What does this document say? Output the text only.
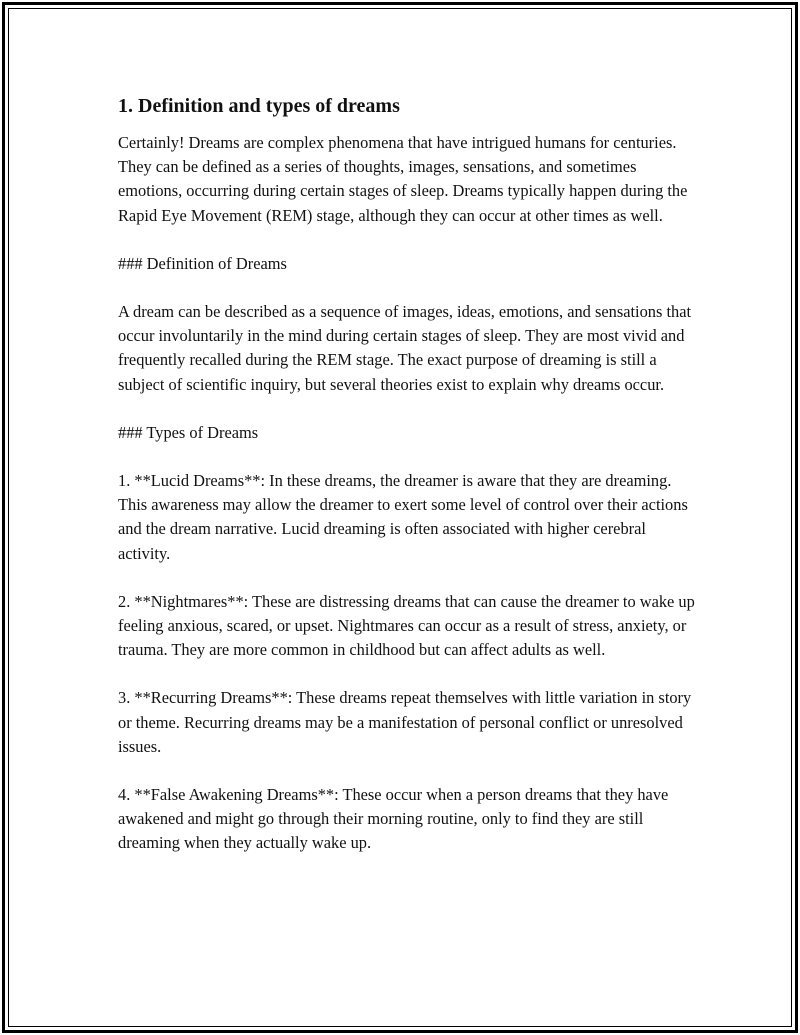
1. Definition and types of dreams

Certainly! Dreams are complex phenomena that have intrigued humans for centuries. They can be defined as a series of thoughts, images, sensations, and sometimes emotions, occurring during certain stages of sleep. Dreams typically happen during the Rapid Eye Movement (REM) stage, although they can occur at other times as well.

### Definition of Dreams

A dream can be described as a sequence of images, ideas, emotions, and sensations that occur involuntarily in the mind during certain stages of sleep. They are most vivid and frequently recalled during the REM stage. The exact purpose of dreaming is still a subject of scientific inquiry, but several theories exist to explain why dreams occur.

### Types of Dreams

1. **Lucid Dreams**: In these dreams, the dreamer is aware that they are dreaming. This awareness may allow the dreamer to exert some level of control over their actions and the dream narrative. Lucid dreaming is often associated with higher cerebral activity.

2. **Nightmares**: These are distressing dreams that can cause the dreamer to wake up feeling anxious, scared, or upset. Nightmares can occur as a result of stress, anxiety, or trauma. They are more common in childhood but can affect adults as well.

3. **Recurring Dreams**: These dreams repeat themselves with little variation in story or theme. Recurring dreams may be a manifestation of personal conflict or unresolved issues.

4. **False Awakening Dreams**: These occur when a person dreams that they have awakened and might go through their morning routine, only to find they are still dreaming when they actually wake up.
